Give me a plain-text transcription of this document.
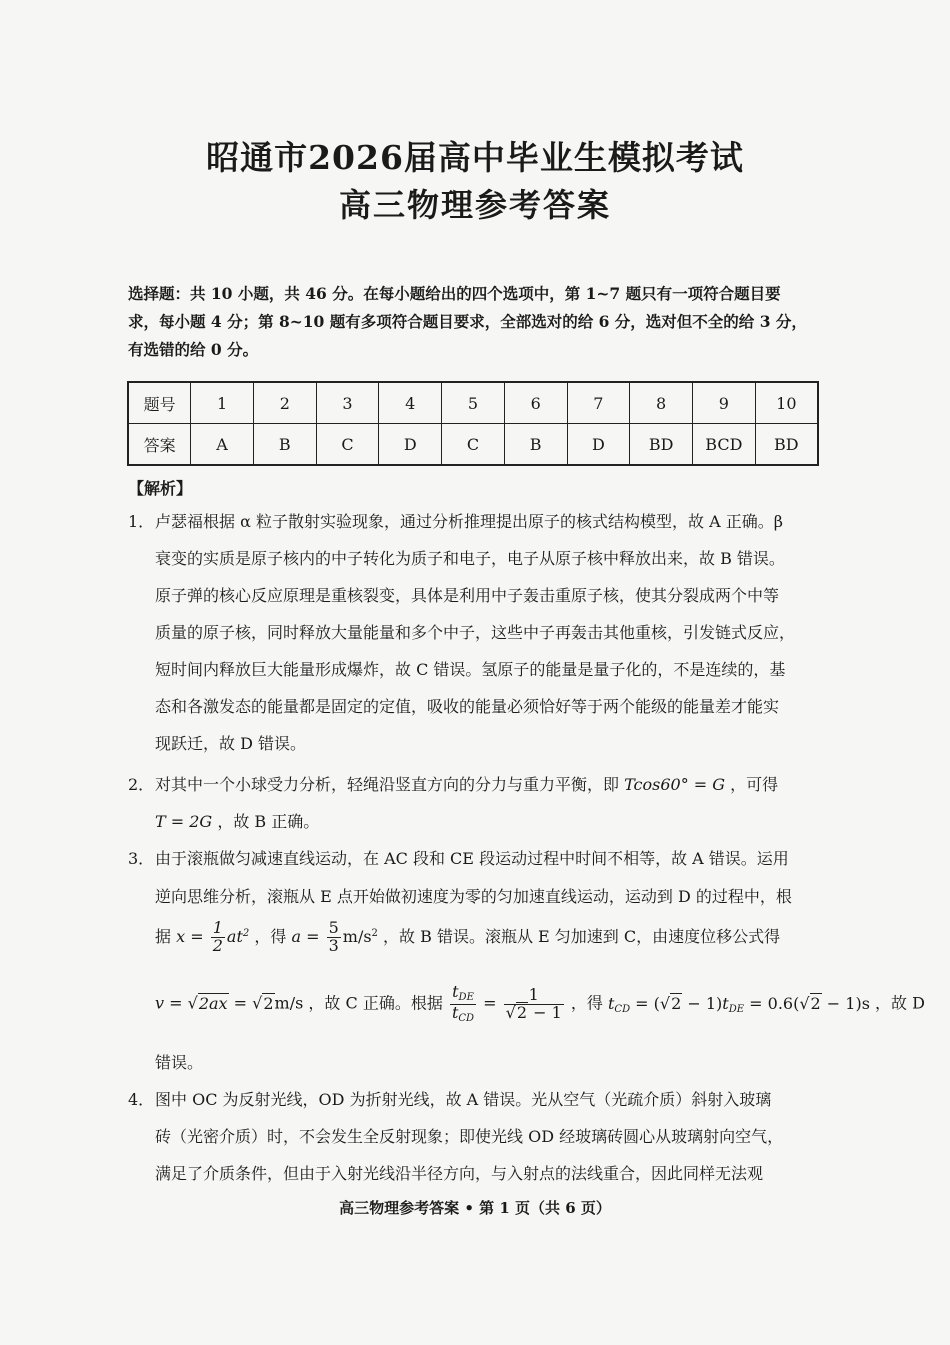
昭通市2026届高中毕业生模拟考试
高三物理参考答案
选择题：共 10 小题，共 46 分。在每小题给出的四个选项中，第 1~7 题只有一项符合题目要
求，每小题 4 分；第 8~10 题有多项符合题目要求，全部选对的给 6 分，选对但不全的给 3 分，
有选错的给 0 分。
题号	1	2	3	4	5	6	7	8	9	10
答案	A	B	C	D	C	B	D	BD	BCD	BD
【解析】
1． 卢瑟福根据 α 粒子散射实验现象，通过分析推理提出原子的核式结构模型，故 A 正确。β
衰变的实质是原子核内的中子转化为质子和电子，电子从原子核中释放出来，故 B 错误。
原子弹的核心反应原理是重核裂变，具体是利用中子轰击重原子核，使其分裂成两个中等
质量的原子核，同时释放大量能量和多个中子，这些中子再轰击其他重核，引发链式反应，
短时间内释放巨大能量形成爆炸，故 C 错误。氢原子的能量是量子化的，不是连续的，基
态和各激发态的能量都是固定的定值，吸收的能量必须恰好等于两个能级的能量差才能实
现跃迁，故 D 错误。
2． 对其中一个小球受力分析，轻绳沿竖直方向的分力与重力平衡，即 Tcos60° = G ，可得
T = 2G ，故 B 正确。
3． 由于滚瓶做匀减速直线运动，在 AC 段和 CE 段运动过程中时间不相等，故 A 错误。运用
逆向思维分析，滚瓶从 E 点开始做初速度为零的匀加速直线运动，运动到 D 的过程中，根
据 $x = \frac{1}{2} at^2$ ，得 $a = \frac{5}{3} m/s^2$ ，故 B 错误。滚瓶从 E 匀加速到 C，由速度位移公式得
v = √2ax = √2m/s ，故 C 正确。根据 $\frac{t_{DE}}{t_{CD}} = \frac{1}{√2 - 1}$ ，得 $t_{CD} = (√2 - 1)t_{DE} = 0.6(√2 - 1)s$ ，故 D
错误。
4． 图中 OC 为反射光线，OD 为折射光线，故 A 错误。光从空气（光疏介质）斜射入玻璃
砖（光密介质）时，不会发生全反射现象；即使光线 OD 经玻璃砖圆心从玻璃射向空气，
满足了介质条件，但由于入射光线沿半径方向，与入射点的法线重合，因此同样无法观
高三物理参考答案 • 第 1 页（共 6 页）
